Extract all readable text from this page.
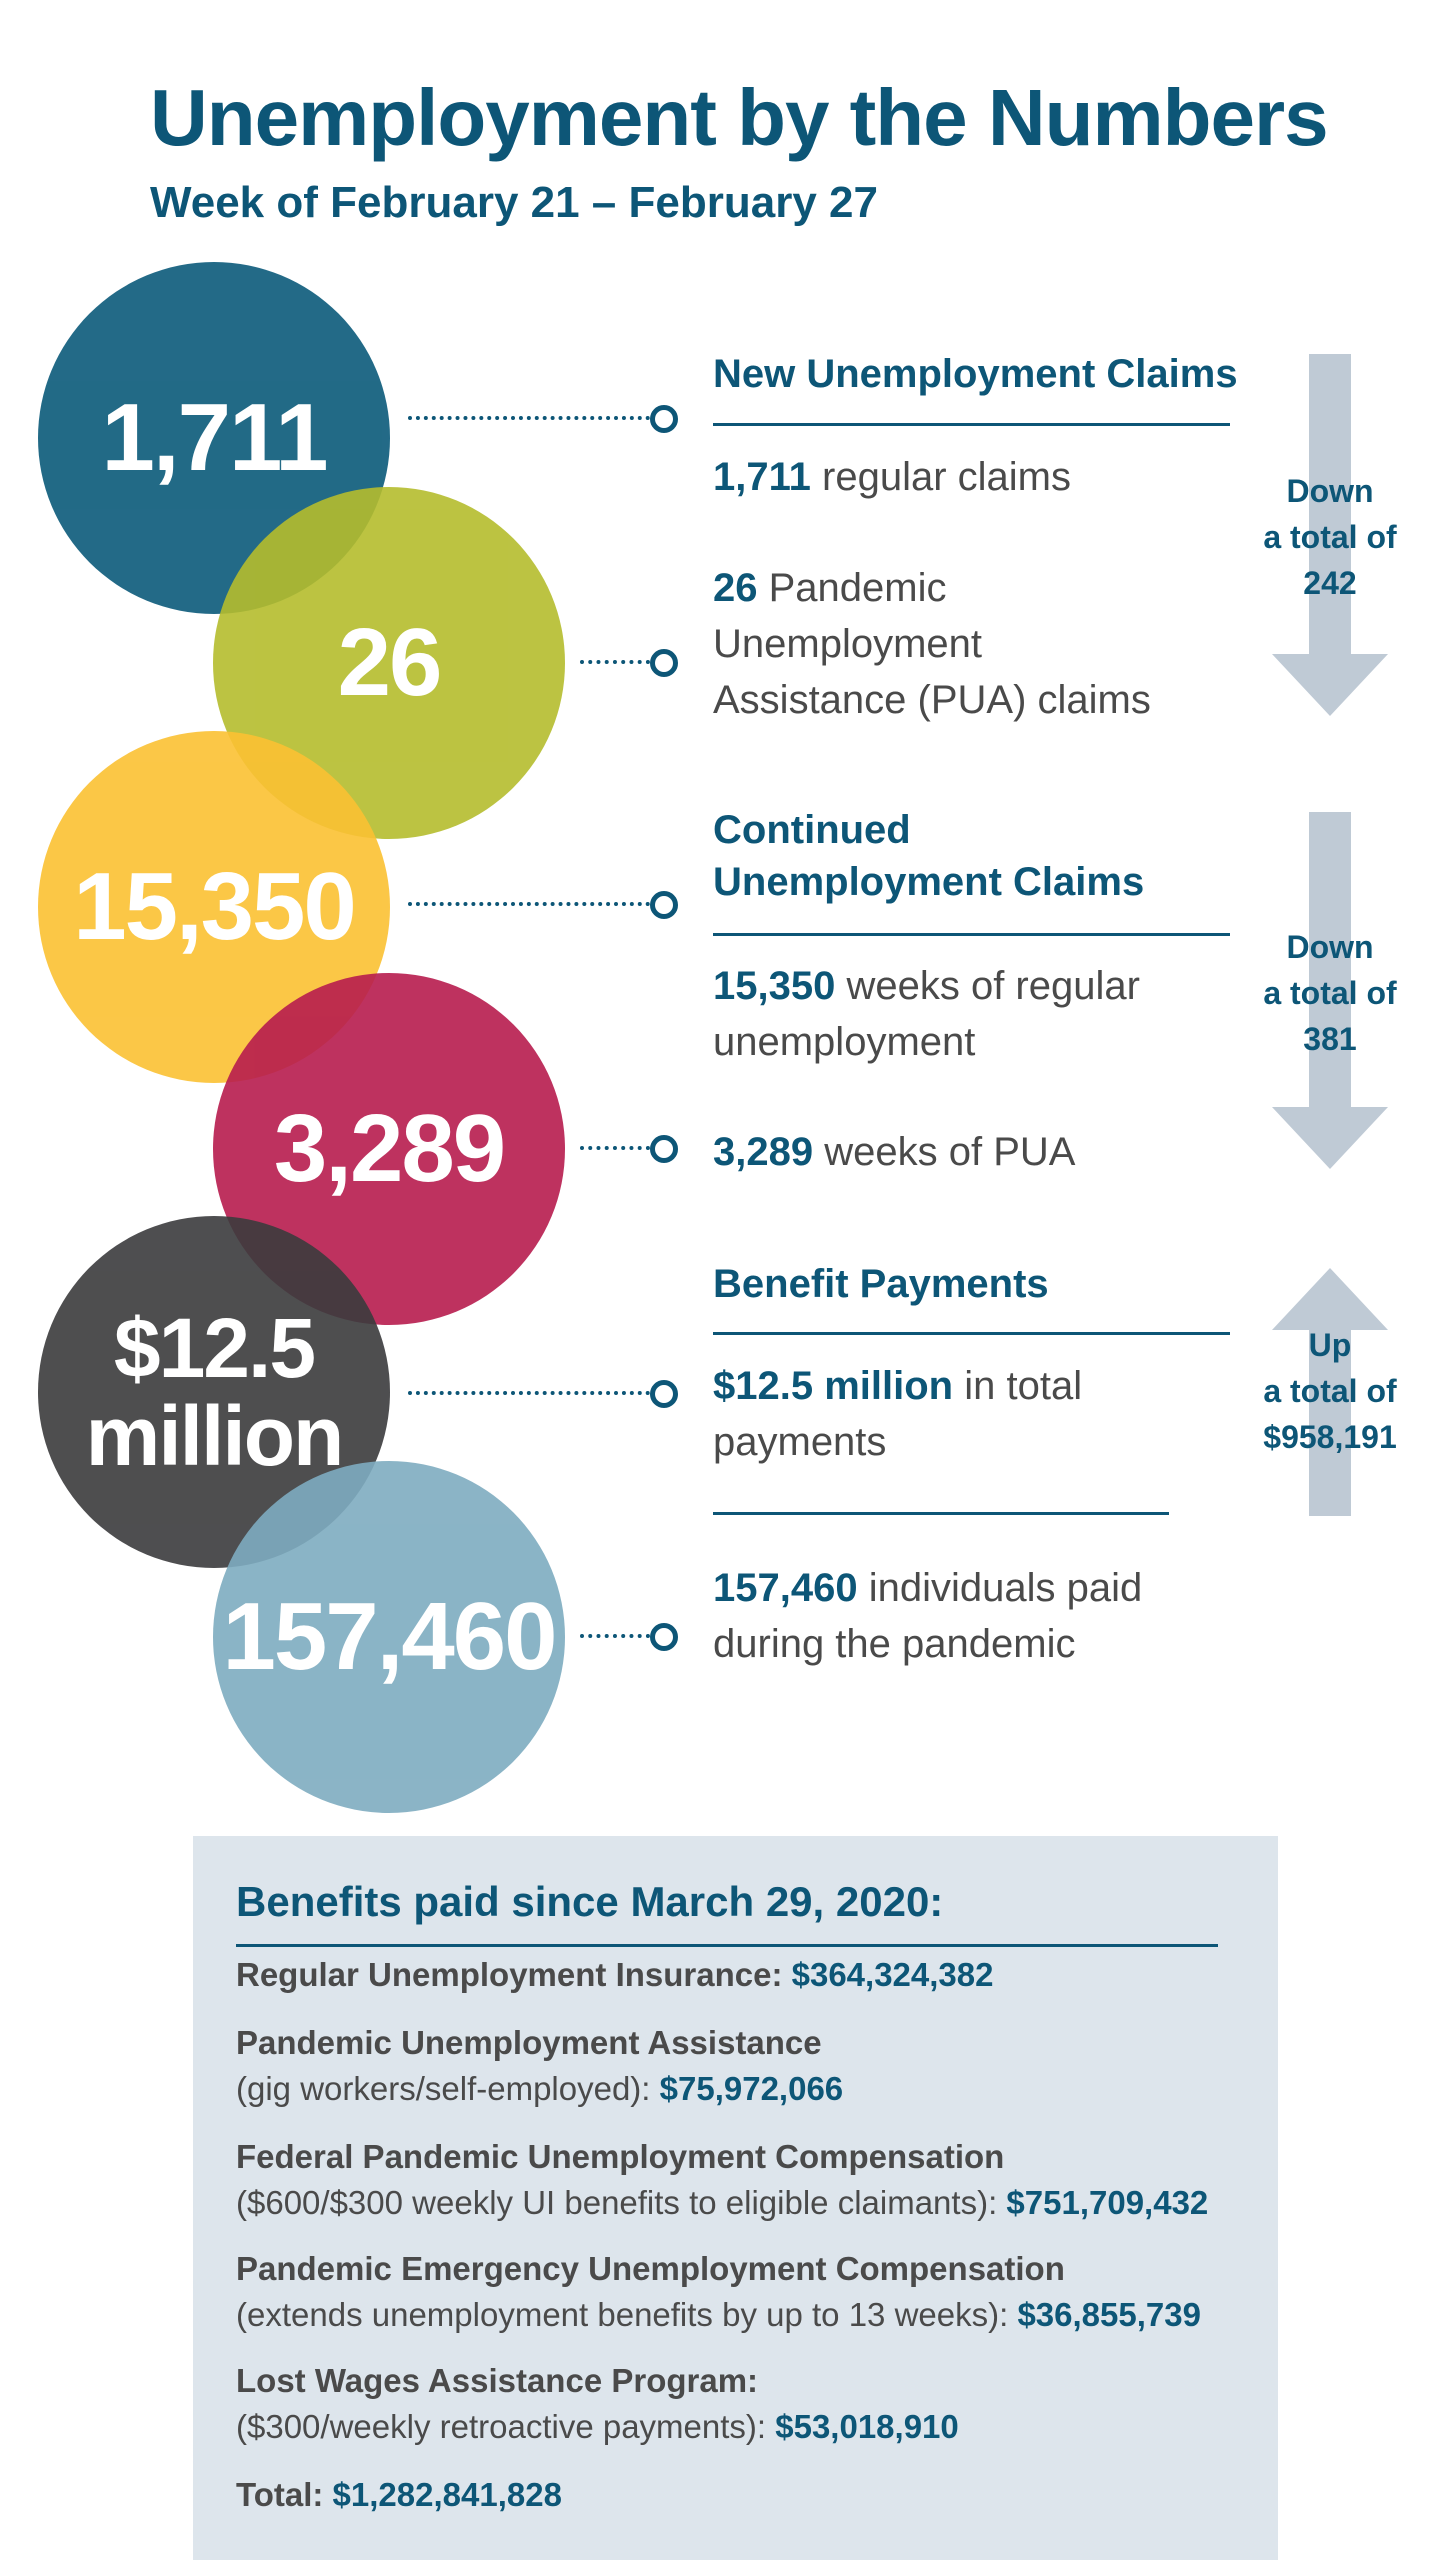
Unemployment by the Numbers
Week of February 21 – February 27
1,711
26
15,350
3,289
$12.5
million
157,460
New Unemployment Claims
1,711 regular claims
26 Pandemic
Unemployment
Assistance (PUA) claims
Continued
Unemployment Claims
15,350 weeks of regular
unemployment
3,289 weeks of PUA
Benefit Payments
$12.5 million in total
payments
157,460 individuals paid
during the pandemic
Down
a total of
242
Down
a total of
381
Up
a total of
$958,191
Benefits paid since March 29, 2020:
Regular Unemployment Insurance: $364,324,382
Pandemic Unemployment Assistance
(gig workers/self-employed): $75,972,066
Federal Pandemic Unemployment Compensation
($600/$300 weekly UI benefits to eligible claimants): $751,709,432
Pandemic Emergency Unemployment Compensation
(extends unemployment benefits by up to 13 weeks): $36,855,739
Lost Wages Assistance Program:
($300/weekly retroactive payments): $53,018,910
Total: $1,282,841,828
